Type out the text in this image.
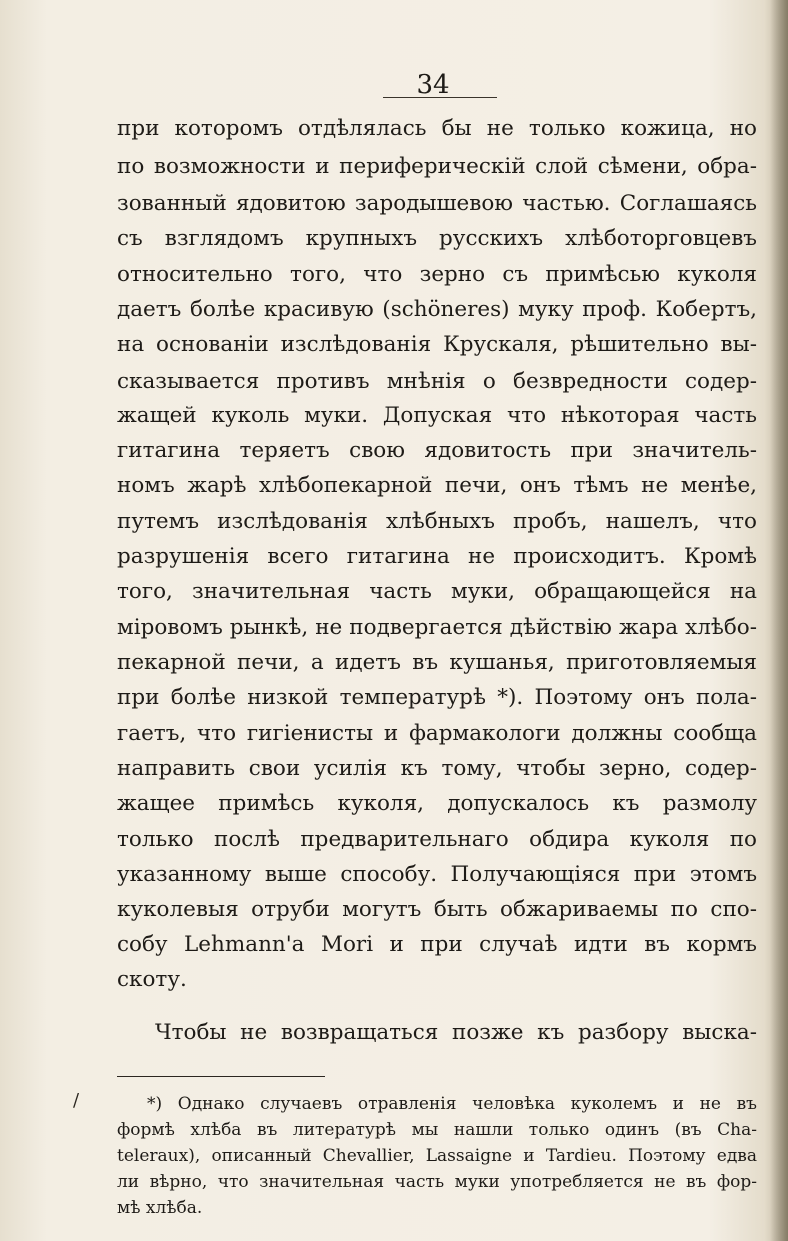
34
при которомъ отдѣлялась бы не только кожица, но
по возможности и периферическій слой сѣмени, обра-
зованный ядовитою зародышевою частью. Соглашаясь
съ взглядомъ крупныхъ русскихъ хлѣботорговцевъ
относительно того, что зерно съ примѣсью куколя
даетъ болѣе красивую (schöneres) муку проф. Кобертъ,
на основаніи изслѣдованія Крускаля, рѣшительно вы-
сказывается противъ мнѣнія о безвредности содер-
жащей куколь муки. Допуская что нѣкоторая часть
гитагина теряетъ свою ядовитость при значитель-
номъ жарѣ хлѣбопекарной печи, онъ тѣмъ не менѣе,
путемъ изслѣдованія хлѣбныхъ пробъ, нашелъ, что
разрушенія всего гитагина не происходитъ. Кромѣ
того, значительная часть муки, обращающейся на
міровомъ рынкѣ, не подвергается дѣйствію жара хлѣбо-
пекарной печи, а идетъ въ кушанья, приготовляемыя
при болѣе низкой температурѣ *). Поэтому онъ пола-
гаетъ, что гигіенисты и фармакологи должны сообща
направить свои усилія къ тому, чтобы зерно, содер-
жащее примѣсь куколя, допускалось къ размолу
только послѣ предварительнаго обдира куколя по
указанному выше способу. Получающіяся при этомъ
куколевыя отруби могутъ быть обжариваемы по спо-
собу Lehmann'а Mori и при случаѣ идти въ кормъ
скоту.
Чтобы не возвращаться позже къ разбору выска-
/	*) Однако случаевъ отравленія человѣка куколемъ и не въ
формѣ хлѣба въ литературѣ мы нашли только одинъ (въ Cha-
teleraux), описанный Chevallier, Lassaigne и Tardieu. Поэтому едва
ли вѣрно, что значительная часть муки употребляется не въ фор-
мѣ хлѣба.
